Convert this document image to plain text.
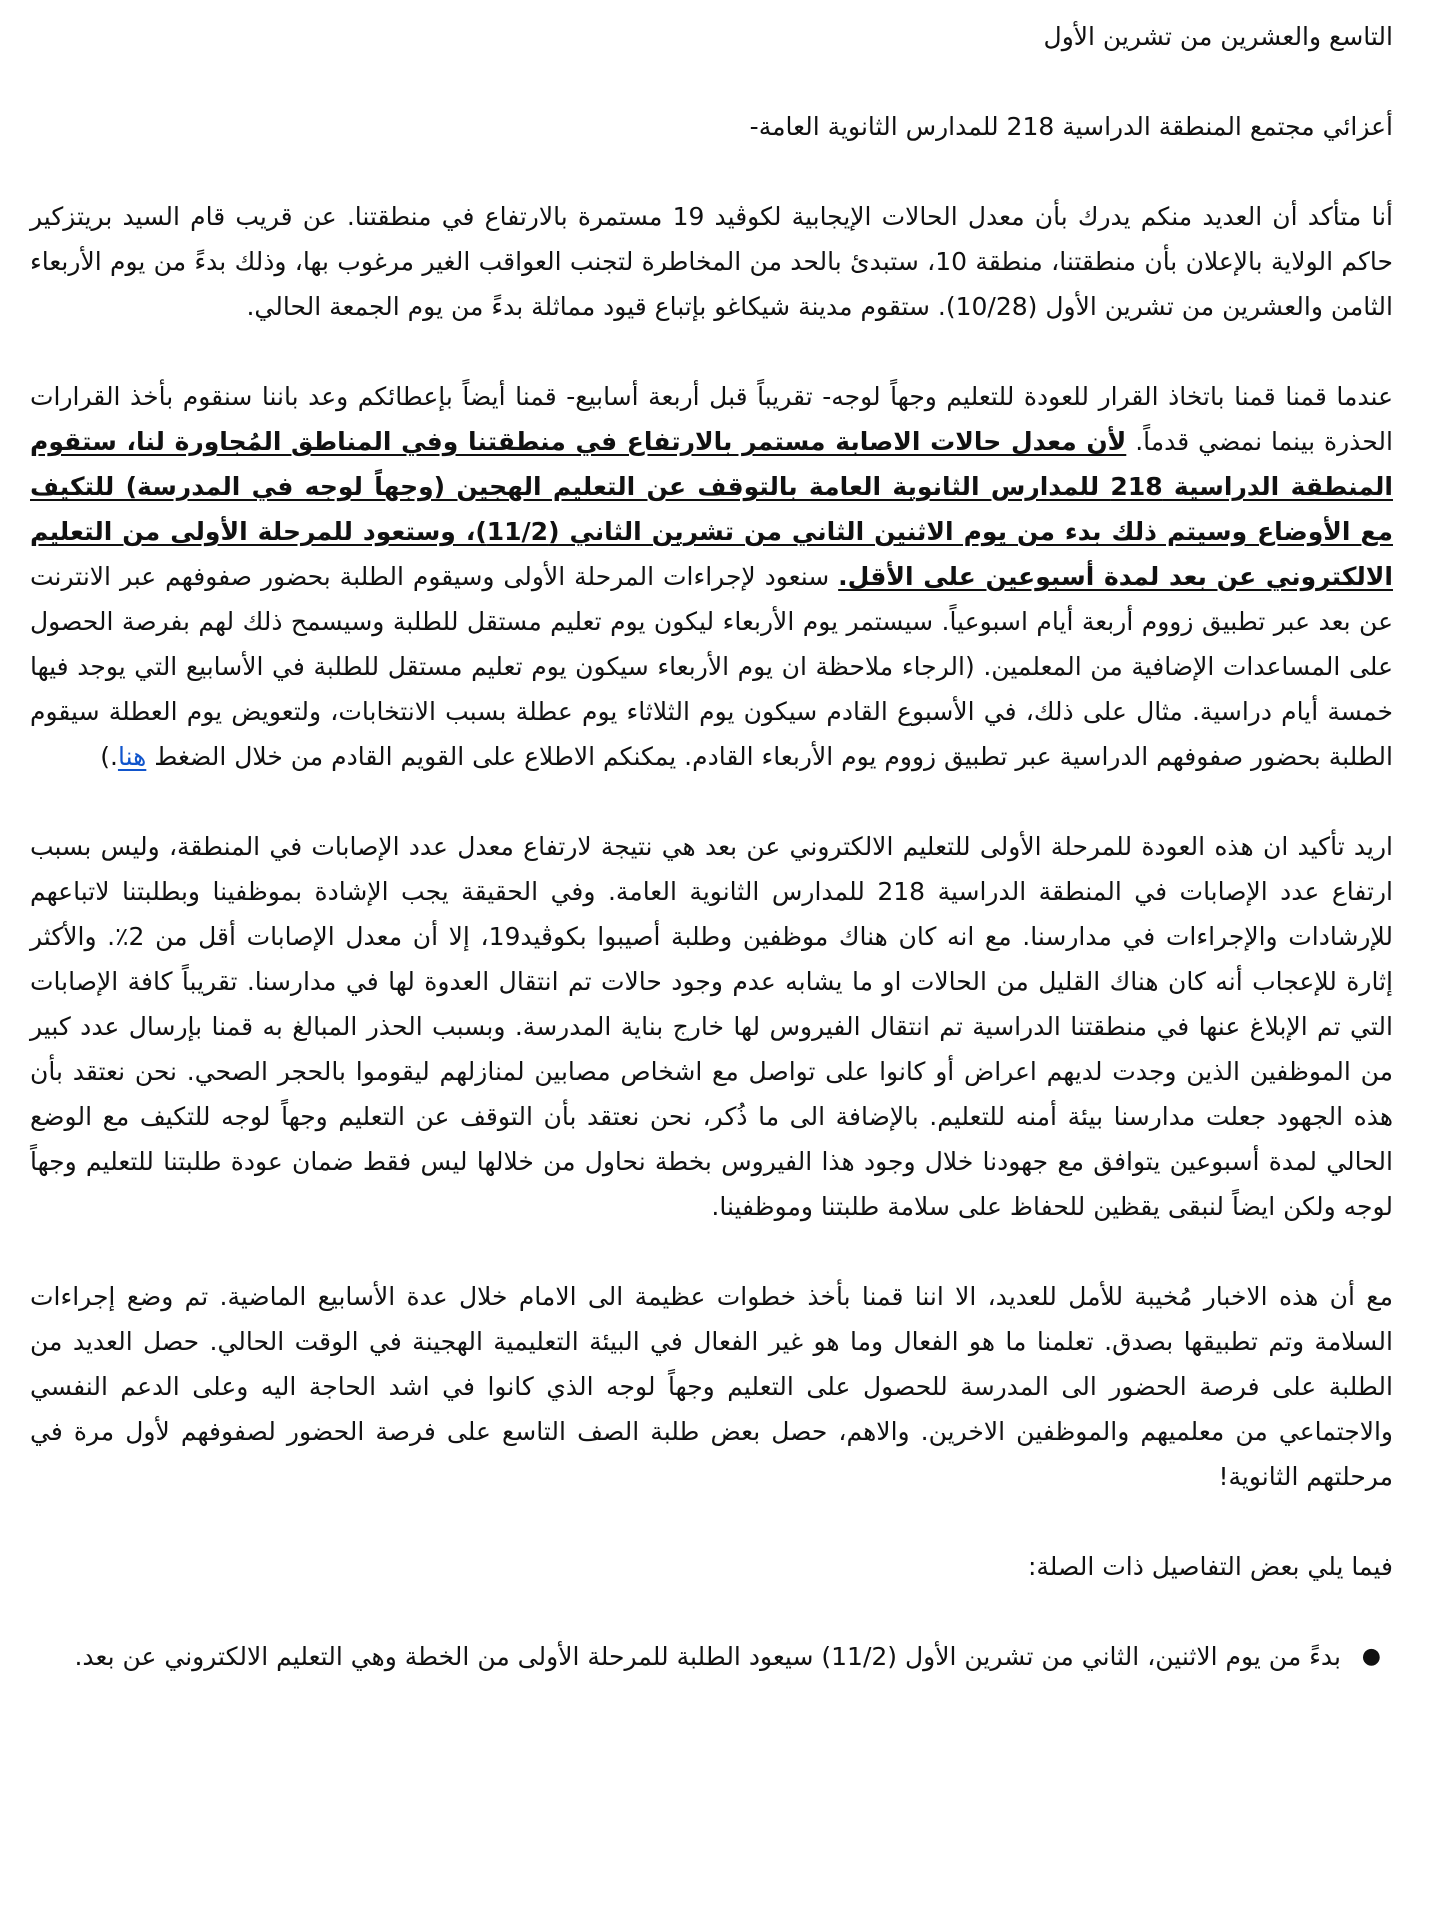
التاسع والعشرين من تشرين الأول

أعزائي مجتمع المنطقة الدراسية 218 للمدارس الثانوية العامة-

أنا متأكد أن العديد منكم يدرك بأن معدل الحالات الإيجابية لكوڤيد 19 مستمرة بالارتفاع في منطقتنا. عن قريب قام السيد بريتزكير حاكم الولاية بالإعلان بأن منطقتنا، منطقة 10، ستبدئ بالحد من المخاطرة لتجنب العواقب الغير مرغوب بها، وذلك بدءً من يوم الأربعاء الثامن والعشرين من تشرين الأول (10/28). ستقوم مدينة شيكاغو بإتباع قيود مماثلة بدءً من يوم الجمعة الحالي.

عندما قمنا قمنا باتخاذ القرار للعودة للتعليم وجهاً لوجه- تقريباً قبل أربعة أسابيع- قمنا أيضاً بإعطائكم وعد باننا سنقوم بأخذ القرارات الحذرة بينما نمضي قدماً. لأن معدل حالات الاصابة مستمر بالارتفاع في منطقتنا وفي المناطق المُجاورة لنا، ستقوم المنطقة الدراسية 218 للمدارس الثانوية العامة بالتوقف عن التعليم الهجين (وجهاً لوجه في المدرسة) للتكيف مع الأوضاع وسيتم ذلك بدء من يوم الاثنين الثاني من تشرين الثاني (11/2)، وستعود للمرحلة الأولى من التعليم الالكتروني عن بعد لمدة أسبوعين على الأقل. سنعود لإجراءات المرحلة الأولى وسيقوم الطلبة بحضور صفوفهم عبر الانترنت عن بعد عبر تطبيق زووم أربعة أيام اسبوعياً. سيستمر يوم الأربعاء ليكون يوم تعليم مستقل للطلبة وسيسمح ذلك لهم بفرصة الحصول على المساعدات الإضافية من المعلمين. (الرجاء ملاحظة ان يوم الأربعاء سيكون يوم تعليم مستقل للطلبة في الأسابيع التي يوجد فيها خمسة أيام دراسية. مثال على ذلك، في الأسبوع القادم سيكون يوم الثلاثاء يوم عطلة بسبب الانتخابات، ولتعويض يوم العطلة سيقوم الطلبة بحضور صفوفهم الدراسية عبر تطبيق زووم يوم الأربعاء القادم. يمكنكم الاطلاع على القويم القادم من خلال الضغط هنا.)

اريد تأكيد ان هذه العودة للمرحلة الأولى للتعليم الالكتروني عن بعد هي نتيجة لارتفاع معدل عدد الإصابات في المنطقة، وليس بسبب ارتفاع عدد الإصابات في المنطقة الدراسية 218 للمدارس الثانوية العامة. وفي الحقيقة يجب الإشادة بموظفينا وبطلبتنا لاتباعهم للإرشادات والإجراءات في مدارسنا. مع انه كان هناك موظفين وطلبة أصيبوا بكوڤيد19، إلا أن معدل الإصابات أقل من 2٪. والأكثر إثارة للإعجاب أنه كان هناك القليل من الحالات او ما يشابه عدم وجود حالات تم انتقال العدوة لها في مدارسنا. تقريباً كافة الإصابات التي تم الإبلاغ عنها في منطقتنا الدراسية تم انتقال الفيروس لها خارج بناية المدرسة. وبسبب الحذر المبالغ به قمنا بإرسال عدد كبير من الموظفين الذين وجدت لديهم اعراض أو كانوا على تواصل مع اشخاص مصابين لمنازلهم ليقوموا بالحجر الصحي. نحن نعتقد بأن هذه الجهود جعلت مدارسنا بيئة أمنه للتعليم. بالإضافة الى ما ذُكر، نحن نعتقد بأن التوقف عن التعليم وجهاً لوجه للتكيف مع الوضع الحالي لمدة أسبوعين يتوافق مع جهودنا خلال وجود هذا الفيروس بخطة نحاول من خلالها ليس فقط ضمان عودة طلبتنا للتعليم وجهاً لوجه ولكن ايضاً لنبقى يقظين للحفاظ على سلامة طلبتنا وموظفينا.

مع أن هذه الاخبار مُخيبة للأمل للعديد، الا اننا قمنا بأخذ خطوات عظيمة الى الامام خلال عدة الأسابيع الماضية. تم وضع إجراءات السلامة وتم تطبيقها بصدق. تعلمنا ما هو الفعال وما هو غير الفعال في البيئة التعليمية الهجينة في الوقت الحالي. حصل العديد من الطلبة على فرصة الحضور الى المدرسة للحصول على التعليم وجهاً لوجه الذي كانوا في اشد الحاجة اليه وعلى الدعم النفسي والاجتماعي من معلميهم والموظفين الاخرين. والاهم، حصل بعض طلبة الصف التاسع على فرصة الحضور لصفوفهم لأول مرة في مرحلتهم الثانوية!

فيما يلي بعض التفاصيل ذات الصلة:

●
بدءً من يوم الاثنين، الثاني من تشرين الأول (11/2) سيعود الطلبة للمرحلة الأولى من الخطة وهي التعليم الالكتروني عن بعد.
